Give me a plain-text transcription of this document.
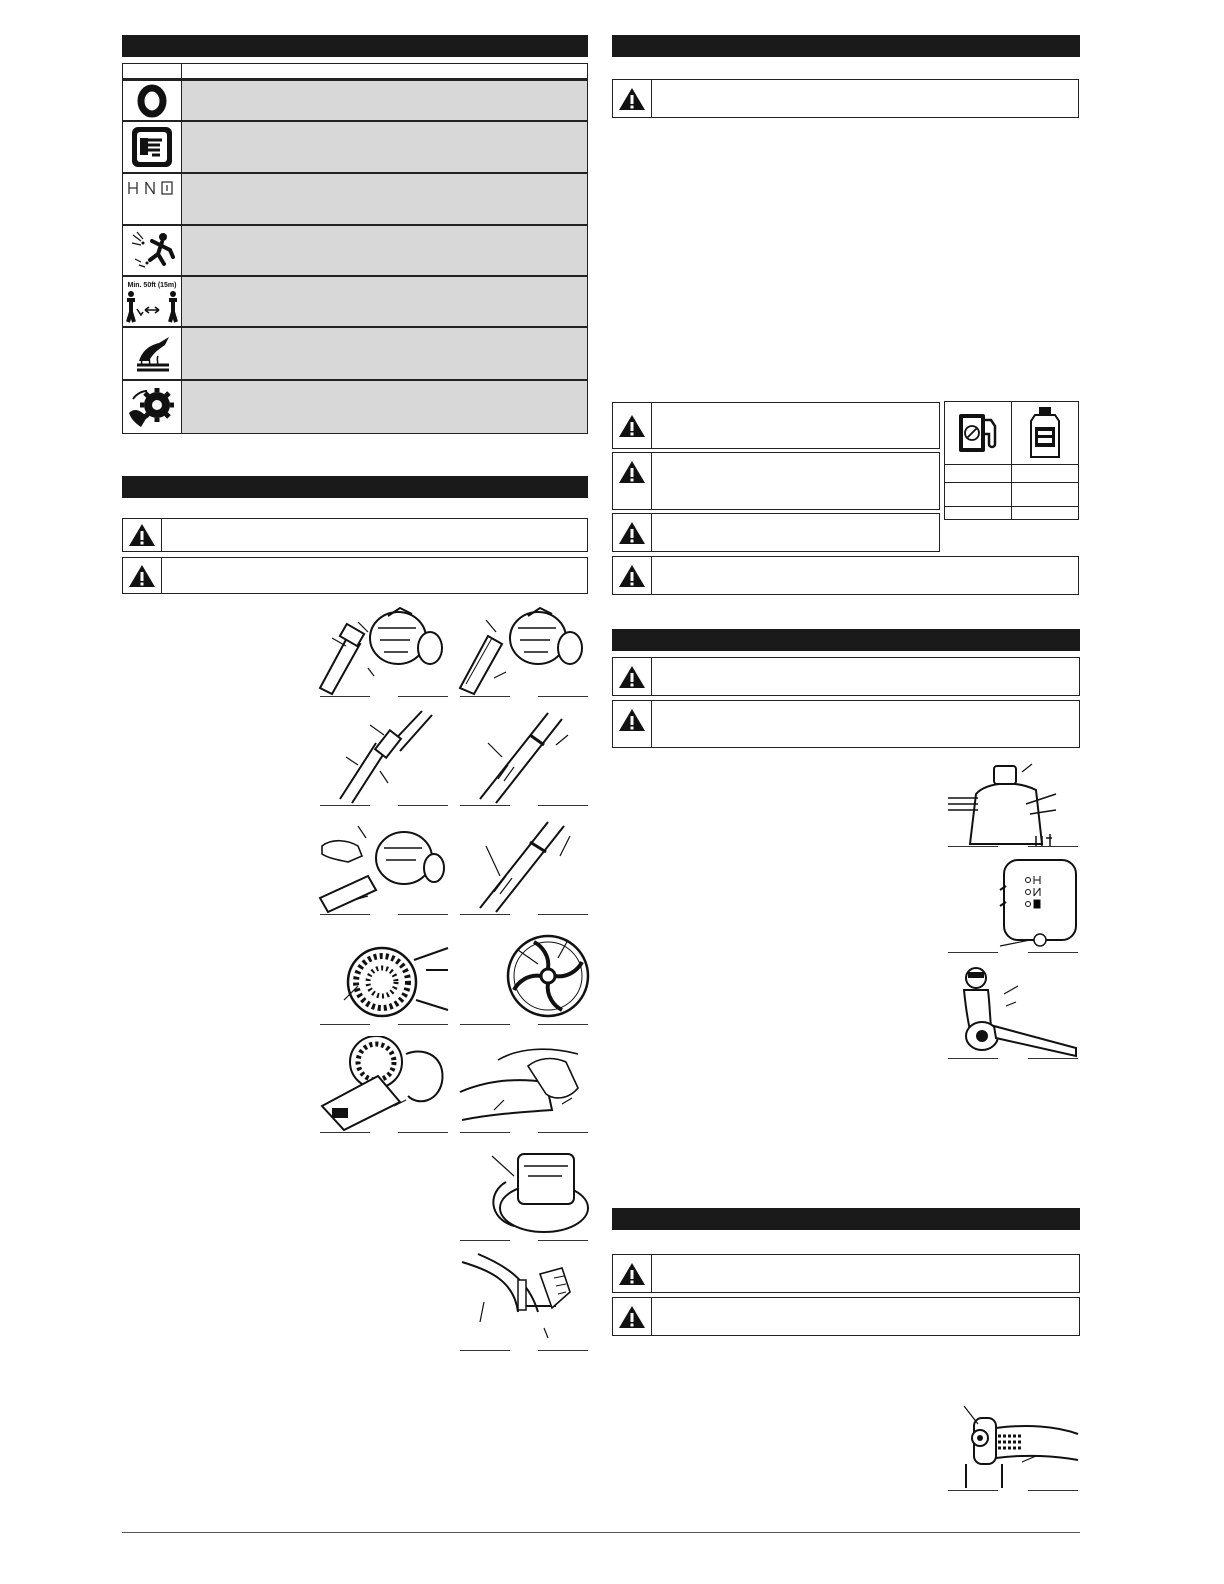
Min. 50ft (15m)
